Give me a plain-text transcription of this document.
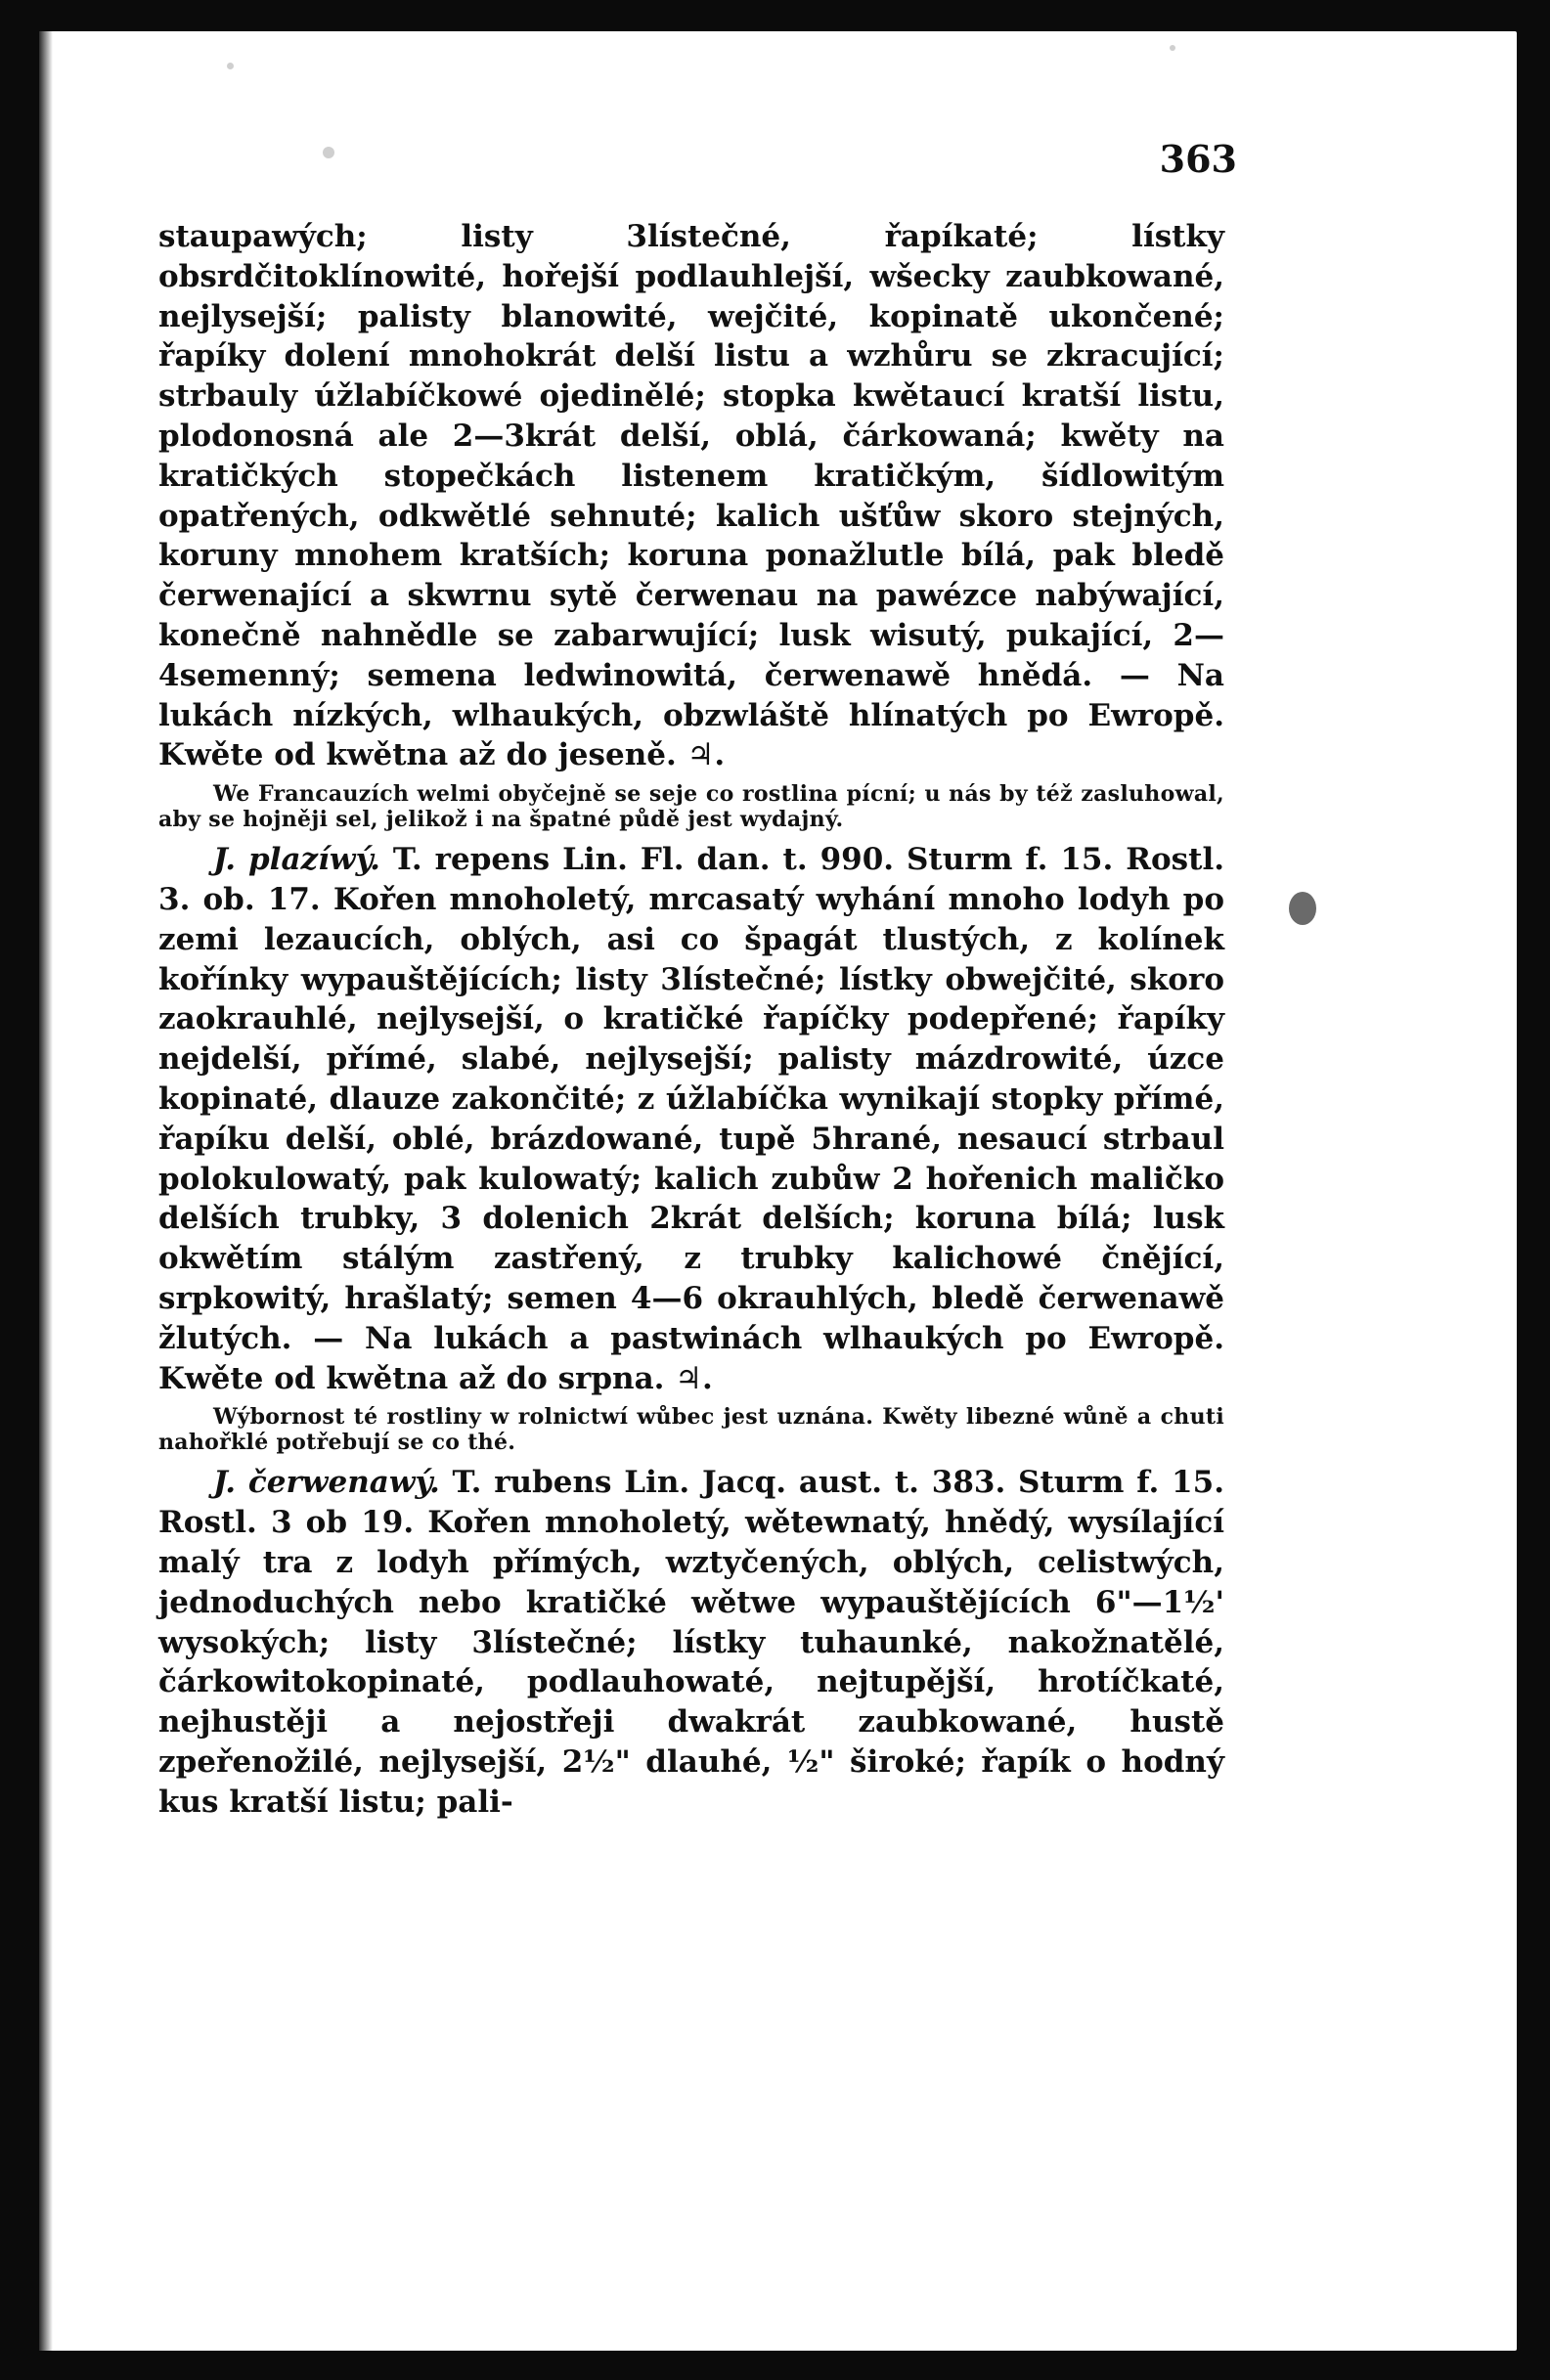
363

staupawých; listy 3lístečné, řapíkaté; lístky obsrdčitoklínowité, hořejší podlauhlejší, wšecky zaubkowané, nejlysejší; palisty blanowité, wejčité, kopinatě ukončené; řapíky dolení mnohokrát delší listu a wzhůru se zkracující; strbauly úžlabíčkowé ojedinělé; stopka kwětaucí kratší listu, plodonosná ale 2—3krát delší, oblá, čárkowaná; kwěty na kratičkých stopečkách listenem kratičkým, šídlowitým opatřených, odkwětlé sehnuté; kalich ušťůw skoro stejných, koruny mnohem kratších; koruna ponažlutle bílá, pak bledě čerwenající a skwrnu sytě čerwenau na pawézce nabýwající, konečně nahnědle se zabarwující; lusk wisutý, pukající, 2—4semenný; semena ledwinowitá, čerwenawě hnědá. — Na lukách nízkých, wlhaukých, obzwláště hlínatých po Ewropě. Kwěte od kwětna až do jeseně. ♃.

We Francauzích welmi obyčejně se seje co rostlina pícní; u nás by též zasluhowal, aby se hojněji sel, jelikož i na špatné půdě jest wydajný.

J. plazíwý. T. repens Lin. Fl. dan. t. 990. Sturm f. 15. Rostl. 3. ob. 17. Kořen mnoholetý, mrcasatý wyhání mnoho lodyh po zemi lezaucích, oblých, asi co špagát tlustých, z kolínek kořínky wypauštějících; listy 3lístečné; lístky obwejčité, skoro zaokrauhlé, nejlysejší, o kratičké řapíčky podepřené; řapíky nejdelší, přímé, slabé, nejlysejší; palisty mázdrowité, úzce kopinaté, dlauze zakončité; z úžlabíčka wynikají stopky přímé, řapíku delší, oblé, brázdowané, tupě 5hrané, nesaucí strbaul polokulowatý, pak kulowatý; kalich zubůw 2 hořenich maličko delších trubky, 3 dolenich 2krát delších; koruna bílá; lusk okwětím stálým zastřený, z trubky kalichowé čnějící, srpkowitý, hrašlatý; semen 4—6 okrauhlých, bledě čerwenawě žlutých. — Na lukách a pastwinách wlhaukých po Ewropě. Kwěte od kwětna až do srpna. ♃.

Wýbornost té rostliny w rolnictwí wůbec jest uznána. Kwěty libezné wůně a chuti nahořklé potřebují se co thé.

J. čerwenawý. T. rubens Lin. Jacq. aust. t. 383. Sturm f. 15. Rostl. 3 ob 19. Kořen mnoholetý, wětewnatý, hnědý, wysílající malý tra z lodyh přímých, wztyčených, oblých, celistwých, jednoduchých nebo kratičké wětwe wypauštějících 6"—1½' wysokých; listy 3lístečné; lístky tuhaunké, nakožnatělé, čárkowitokopinaté, podlauhowaté, nejtupější, hrotíčkaté, nejhustěji a nejostřeji dwakrát zaubkowané, hustě zpeřenožilé, nejlysejší, 2½" dlauhé, ½" široké; řapík o hodný kus kratší listu; pali-
